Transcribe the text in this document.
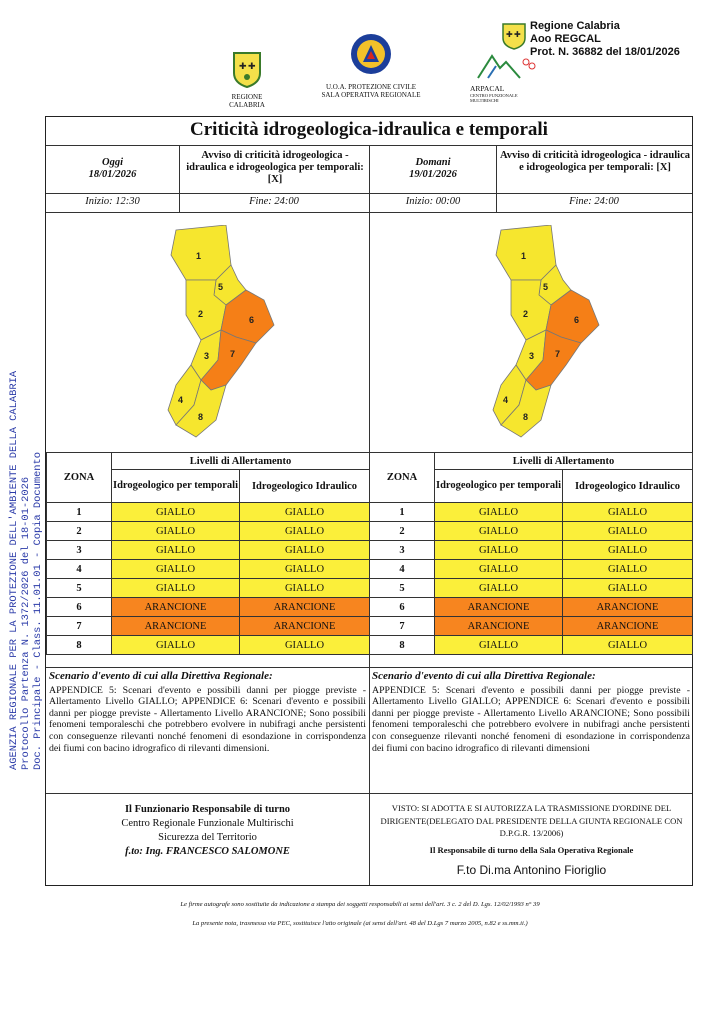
✚ ✚
REGIONE CALABRIA
U.O.A. PROTEZIONE CIVILE
SALA OPERATIVA REGIONALE
ARPACAL
CENTRO FUNZIONALE MULTIRISCHI
✚ ✚
Regione Calabria
Aoo REGCAL
Prot. N. 36882 del 18/01/2026
AGENZIA REGIONALE PER LA PROTEZIONE DELL'AMBIENTE DELLA CALABRIA Protocollo Partenza N. 1372/2026 del 18-01-2026 Doc. Principale - Class. 11.01.01 - Copia Documento
Criticità idrogeologica-idraulica e temporali
Oggi
18/01/2026
Avviso di criticità idrogeologica - idraulica e idrogeologica per temporali: [X]
Inizio: 12:30	Fine: 24:00
Domani
19/01/2026
Avviso di criticità idrogeologica - idraulica e idrogeologica per temporali: [X]
Inizio: 00:00	Fine: 24:00
1
2
3
4
5
6
7
8
1
2
3
4
5
6
7
8
ZONA	Livelli di Allertamento	
	Idrogeologico per temporali	Idrogeologico Idraulico
1	GIALLO	GIALLO
2	GIALLO	GIALLO
3	GIALLO	GIALLO
4	GIALLO	GIALLO
5	GIALLO	GIALLO
6	ARANCIONE	ARANCIONE
7	ARANCIONE	ARANCIONE
8	GIALLO	GIALLO
ZONA	Livelli di Allertamento	
	Idrogeologico per temporali	Idrogeologico Idraulico
1	GIALLO	GIALLO
2	GIALLO	GIALLO
3	GIALLO	GIALLO
4	GIALLO	GIALLO
5	GIALLO	GIALLO
6	ARANCIONE	ARANCIONE
7	ARANCIONE	ARANCIONE
8	GIALLO	GIALLO
Scenario d'evento di cui alla Direttiva Regionale:
APPENDICE 5: Scenari d'evento e possibili danni per piogge previste - Allertamento Livello GIALLO; APPENDICE 6: Scenari d'evento e possibili danni per piogge previste - Allertamento Livello ARANCIONE; Sono possibili fenomeni temporaleschi che potrebbero evolvere in nubifragi anche persistenti con conseguenze rilevanti nonché fenomeni di esondazione in corrispondenza dei fiumi con bacino idrografico di rilevanti dimensioni.
Scenario d'evento di cui alla Direttiva Regionale:
APPENDICE 5: Scenari d'evento e possibili danni per piogge previste - Allertamento Livello GIALLO; APPENDICE 6: Scenari d'evento e possibili danni per piogge previste - Allertamento Livello ARANCIONE; Sono possibili fenomeni temporaleschi che potrebbero evolvere in nubifragi anche persistenti con conseguenze rilevanti nonché fenomeni di esondazione in corrispondenza dei fiumi con bacino idrografico di rilevanti dimensioni
Il Funzionario Responsabile di turno
Centro Regionale Funzionale Multirischi
Sicurezza del Territorio
f.to: Ing. FRANCESCO SALOMONE
VISTO: SI ADOTTA E SI AUTORIZZA LA TRASMISSIONE D'ORDINE DEL DIRIGENTE(DELEGATO DAL PRESIDENTE DELLA GIUNTA REGIONALE CON D.P.G.R. 13/2006)
Il Responsabile di turno della Sala Operativa Regionale
F.to Di.ma Antonino Fioriglio
Le firme autografe sono sostituite da indicazione a stampa dei soggetti responsabili ai sensi dell'art. 3 c. 2 del D. Lgs. 12/02/1993 n° 39
La presente nota, trasmessa via PEC, sostituisce l'atto originale (ai sensi dell'art. 48 del D.Lgs 7 marzo 2005, n.82 e ss.mm.ii.)
